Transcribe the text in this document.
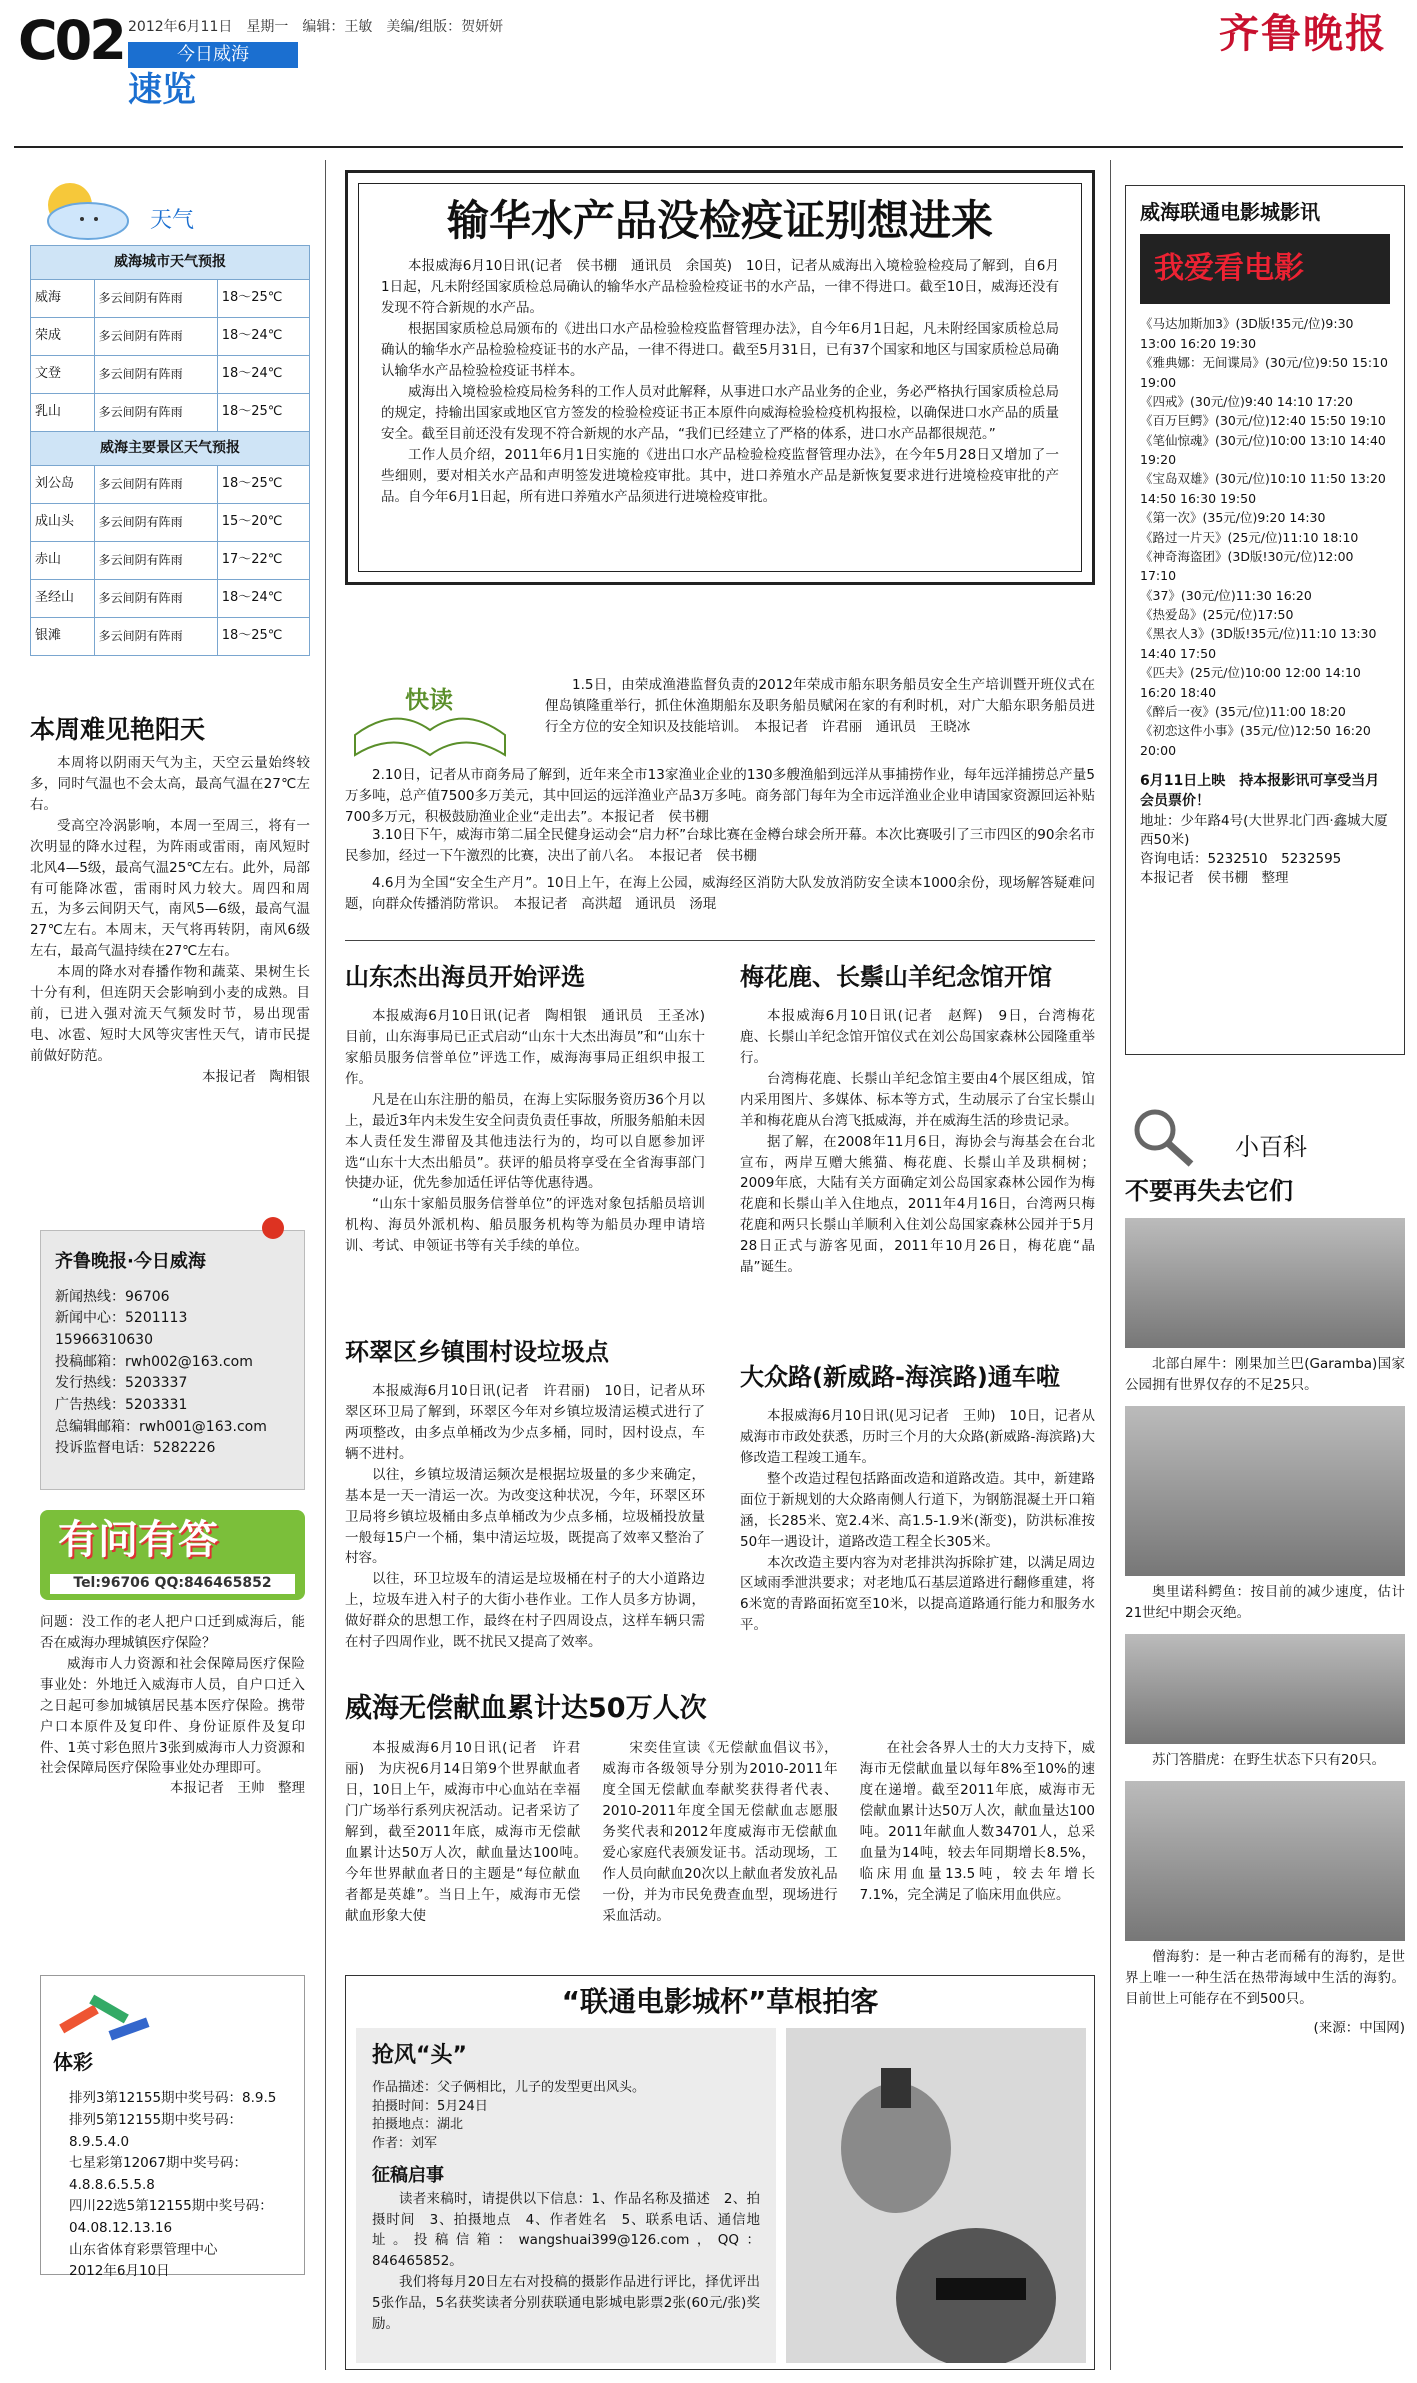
C02 2012年6月11日　星期一　 编辑：王敏　 美编/组版：贺妍妍
今日威海
速览
齐鲁晚报
天气
威海城市天气预报		
威海	多云间阴有阵雨	18～25℃
荣成	多云间阴有阵雨	18～24℃
文登	多云间阴有阵雨	18～24℃
乳山	多云间阴有阵雨	18～25℃
威海主要景区天气预报		
刘公岛	多云间阴有阵雨	18～25℃
成山头	多云间阴有阵雨	15～20℃
赤山	多云间阴有阵雨	17～22℃
圣经山	多云间阴有阵雨	18～24℃
银滩	多云间阴有阵雨	18～25℃
本周难见艳阳天
本周将以阴雨天气为主，天空云量始终较多，同时气温也不会太高，最高气温在27℃左右。
受高空冷涡影响，本周一至周三，将有一次明显的降水过程，为阵雨或雷雨，南风短时北风4—5级，最高气温25℃左右。此外，局部有可能降冰雹，雷雨时风力较大。周四和周五，为多云间阴天气，南风5—6级，最高气温27℃左右。本周末，天气将再转阴，南风6级左右，最高气温持续在27℃左右。
本周的降水对春播作物和蔬菜、果树生长十分有利，但连阴天会影响到小麦的成熟。目前，已进入强对流天气频发时节，易出现雷电、冰雹、短时大风等灾害性天气，请市民提前做好防范。
本报记者　陶相银
齐鲁晚报·今日威海
新闻热线：96706
新闻中心：5201113
15966310630
投稿邮箱：rwh002@163.com
发行热线：5203337
广告热线：5203331
总编辑邮箱：rwh001@163.com
投诉监督电话：5282226
有问有答
Tel:96706 QQ:846465852
问题：没工作的老人把户口迁到威海后，能否在威海办理城镇医疗保险？
威海市人力资源和社会保障局医疗保险事业处：外地迁入威海市人员，自户口迁入之日起可参加城镇居民基本医疗保险。携带户口本原件及复印件、身份证原件及复印件、1英寸彩色照片3张到威海市人力资源和社会保障局医疗保险事业处办理即可。
本报记者　王帅　整理
体彩
排列3第12155期中奖号码：8.9.5
排列5第12155期中奖号码：8.9.5.4.0
七星彩第12067期中奖号码：4.8.8.6.5.5.8
四川22选5第12155期中奖号码：04.08.12.13.16
山东省体育彩票管理中心
2012年6月10日
输华水产品没检疫证别想进来
本报威海6月10日讯(记者　侯书棚　通讯员　余国英)　10日，记者从威海出入境检验检疫局了解到，自6月1日起，凡未附经国家质检总局确认的输华水产品检验检疫证书的水产品，一律不得进口。截至10日，威海还没有发现不符合新规的水产品。
根据国家质检总局颁布的《进出口水产品检验检疫监督管理办法》，自今年6月1日起，凡未附经国家质检总局确认的输华水产品检验检疫证书的水产品，一律不得进口。截至5月31日，已有37个国家和地区与国家质检总局确认输华水产品检验检疫证书样本。
威海出入境检验检疫局检务科的工作人员对此解释，从事进口水产品业务的企业，务必严格执行国家质检总局的规定，持输出国家或地区官方签发的检验检疫证书正本原件向威海检验检疫机构报检，以确保进口水产品的质量安全。截至目前还没有发现不符合新规的水产品，“我们已经建立了严格的体系，进口水产品都很规范。”
工作人员介绍，2011年6月1日实施的《进出口水产品检验检疫监督管理办法》，在今年5月28日又增加了一些细则，要对相关水产品和声明签发进境检疫审批。其中，进口养殖水产品是新恢复要求进行进境检疫审批的产品。自今年6月1日起，所有进口养殖水产品须进行进境检疫审批。
快读
1.5日，由荣成渔港监督负责的2012年荣成市船东职务船员安全生产培训暨开班仪式在俚岛镇隆重举行，抓住休渔期船东及职务船员赋闲在家的有利时机，对广大船东职务船员进行全方位的安全知识及技能培训。　本报记者　许君丽　通讯员　王晓冰
2.10日，记者从市商务局了解到，近年来全市13家渔业企业的130多艘渔船到远洋从事捕捞作业，每年远洋捕捞总产量5万多吨，总产值7500多万美元，其中回运的远洋渔业产品3万多吨。商务部门每年为全市远洋渔业企业申请国家资源回运补贴700多万元，积极鼓励渔业企业“走出去”。本报记者　侯书棚
3.10日下午，威海市第二届全民健身运动会“启力杯”台球比赛在金樽台球会所开幕。本次比赛吸引了三市四区的90余名市民参加，经过一下午激烈的比赛，决出了前八名。　本报记者　侯书棚
4.6月为全国“安全生产月”。10日上午，在海上公园，威海经区消防大队发放消防安全读本1000余份，现场解答疑难问题，向群众传播消防常识。　本报记者　高洪超　通讯员　汤琨
山东杰出海员开始评选
本报威海6月10日讯(记者　陶相银　通讯员　王圣冰)　目前，山东海事局已正式启动“山东十大杰出海员”和“山东十家船员服务信誉单位”评选工作，威海海事局正组织申报工作。
凡是在山东注册的船员，在海上实际服务资历36个月以上，最近3年内未发生安全问责负责任事故，所服务船舶未因本人责任发生滞留及其他违法行为的，均可以自愿参加评选“山东十大杰出船员”。获评的船员将享受在全省海事部门快捷办证，优先参加适任评估等优惠待遇。
“山东十家船员服务信誉单位”的评选对象包括船员培训机构、海员外派机构、船员服务机构等为船员办理申请培训、考试、申领证书等有关手续的单位。
环翠区乡镇围村设垃圾点
本报威海6月10日讯(记者　许君丽)　10日，记者从环翠区环卫局了解到，环翠区今年对乡镇垃圾清运模式进行了两项整改，由多点单桶改为少点多桶，同时，因村设点，车辆不进村。
以往，乡镇垃圾清运频次是根据垃圾量的多少来确定，基本是一天一清运一次。为改变这种状况，今年，环翠区环卫局将乡镇垃圾桶由多点单桶改为少点多桶，垃圾桶投放量一般每15户一个桶，集中清运垃圾，既提高了效率又整治了村容。
以往，环卫垃圾车的清运是垃圾桶在村子的大小道路边上，垃圾车进入村子的大街小巷作业。工作人员多方协调，做好群众的思想工作，最终在村子四周设点，这样车辆只需在村子四周作业，既不扰民又提高了效率。
梅花鹿、长鬃山羊纪念馆开馆
本报威海6月10日讯(记者　赵辉)　9日，台湾梅花鹿、长鬃山羊纪念馆开馆仪式在刘公岛国家森林公园隆重举行。
台湾梅花鹿、长鬃山羊纪念馆主要由4个展区组成，馆内采用图片、多媒体、标本等方式，生动展示了台宝长鬃山羊和梅花鹿从台湾飞抵威海，并在威海生活的珍贵记录。
据了解，在2008年11月6日，海协会与海基会在台北宣布，两岸互赠大熊猫、梅花鹿、长鬃山羊及珙桐树；2009年底，大陆有关方面确定刘公岛国家森林公园作为梅花鹿和长鬃山羊入住地点，2011年4月16日，台湾两只梅花鹿和两只长鬃山羊顺利入住刘公岛国家森林公园并于5月28日正式与游客见面，2011年10月26日，梅花鹿“晶晶”诞生。
大众路(新威路-海滨路)通车啦
本报威海6月10日讯(见习记者　王帅)　10日，记者从威海市市政处获悉，历时三个月的大众路(新威路-海滨路)大修改造工程竣工通车。
整个改造过程包括路面改造和道路改造。其中，新建路面位于新规划的大众路南侧人行道下，为钢筋混凝土开口箱涵，长285米、宽2.4米、高1.5-1.9米(渐变)，防洪标准按50年一遇设计，道路改造工程全长305米。
本次改造主要内容为对老排洪沟拆除扩建，以满足周边区域雨季泄洪要求；对老地瓜石基层道路进行翻修重建，将6米宽的青路面拓宽至10米，以提高道路通行能力和服务水平。
威海无偿献血累计达50万人次
本报威海6月10日讯(记者　许君丽)　为庆祝6月14日第9个世界献血者日，10日上午，威海市中心血站在幸福门广场举行系列庆祝活动。记者采访了解到，截至2011年底，威海市无偿献血累计达50万人次，献血量达100吨。　　今年世界献血者日的主题是“每位献血者都是英雄”。当日上午，威海市无偿献血形象大使
宋奕佳宣读《无偿献血倡议书》，威海市各级领导分别为2010-2011年度全国无偿献血奉献奖获得者代表、2010-2011年度全国无偿献血志愿服务奖代表和2012年度威海市无偿献血爱心家庭代表颁发证书。活动现场，工作人员向献血20次以上献血者发放礼品一份，并为市民免费查血型，现场进行采血活动。
在社会各界人士的大力支持下，威海市无偿献血量以每年8%至10%的速度在递增。截至2011年底，威海市无偿献血累计达50万人次，献血量达100吨。2011年献血人数34701人，总采血量为14吨，较去年同期增长8.5%，临床用血量13.5吨，较去年增长7.1%，完全满足了临床用血供应。
“联通电影城杯”草根拍客
抢风“头”
作品描述：父子俩相比，儿子的发型更出风头。
拍摄时间：5月24日
拍摄地点：湖北
作者：刘军
征稿启事
读者来稿时，请提供以下信息：1、作品名称及描述　2、拍摄时间　3、拍摄地点　4、作者姓名　5、联系电话、通信地址。投稿信箱：wangshuai399@126.com，QQ：846465852。
我们将每月20日左右对投稿的摄影作品进行评比，择优评出5张作品，5名获奖读者分别获联通电影城电影票2张(60元/张)奖励。
威海联通电影城影讯
我爱看电影
《马达加斯加3》(3D版!35元/位)9:30 13:00 16:20 19:30
《雅典娜：无间谍局》(30元/位)9:50 15:10 19:00
《四戒》(30元/位)9:40 14:10 17:20
《百万巨鳄》(30元/位)12:40 15:50 19:10
《笔仙惊魂》(30元/位)10:00 13:10 14:40 19:20
《宝岛双雄》(30元/位)10:10 11:50 13:20 14:50 16:30 19:50
《第一次》(35元/位)9:20 14:30
《路过一片天》(25元/位)11:10 18:10
《神奇海盗团》(3D版!30元/位)12:00 17:10
《37》(30元/位)11:30 16:20
《热爱岛》(25元/位)17:50
《黑衣人3》(3D版!35元/位)11:10 13:30 14:40 17:50
《匹夫》(25元/位)10:00 12:00 14:10 16:20 18:40
《醉后一夜》(35元/位)11:00 18:20
《初恋这件小事》(35元/位)12:50 16:20 20:00
6月11日上映　持本报影讯可享受当月会员票价！
地址：少年路4号(大世界北门西·鑫城大厦西50米)
咨询电话：5232510　5232595
本报记者　侯书棚　整理
小百科
不要再失去它们
北部白犀牛：刚果加兰巴(Garamba)国家公园拥有世界仅存的不足25只。
奥里诺科鳄鱼：按目前的减少速度，估计21世纪中期会灭绝。
苏门答腊虎：在野生状态下只有20只。
僧海豹：是一种古老而稀有的海豹，是世界上唯一一种生活在热带海域中生活的海豹。目前世上可能存在不到500只。
(来源：中国网)
